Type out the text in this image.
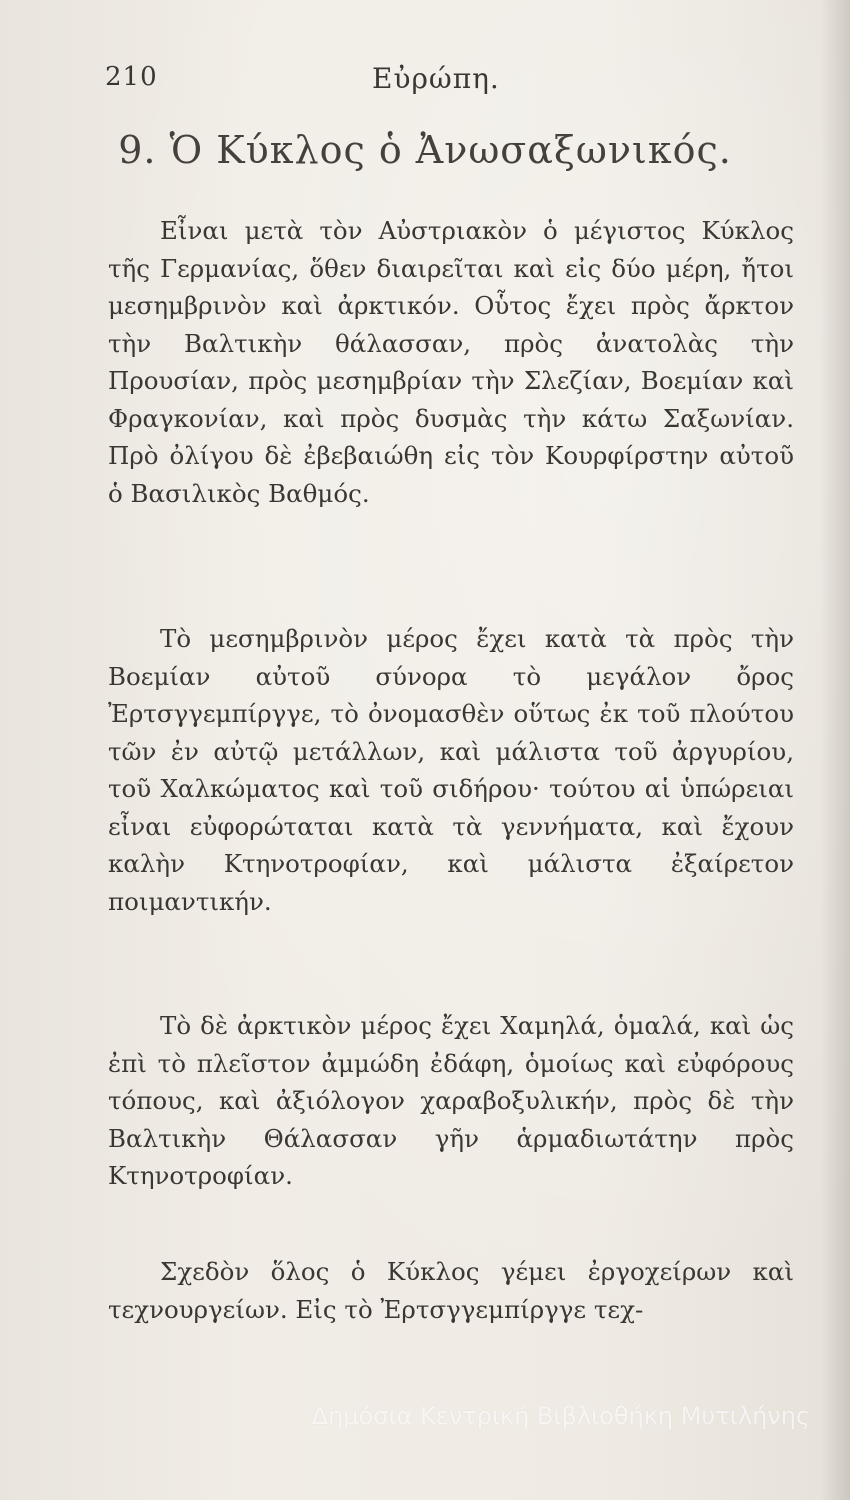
210	Εὐρώπη.
9. Ὁ Κύκλος ὁ Ἀνωσαξωνικός.

Εἶναι μετὰ τὸν Αὐστριακὸν ὁ μέγιστος Κύκλος τῆς Γερμανίας, ὅθεν διαιρεῖται καὶ εἰς δύο μέρη, ἤτοι μεσημβρινὸν καὶ ἀρκτικόν. Οὗτος ἔχει πρὸς ἄρκτον τὴν Βαλτικὴν θάλασσαν, πρὸς ἀνατολὰς τὴν Προυσίαν, πρὸς μεσημβρίαν τὴν Σλεζίαν, Βοεμίαν καὶ Φραγκονίαν, καὶ πρὸς δυσμὰς τὴν κάτω Σαξωνίαν. Πρὸ ὀλίγου δὲ ἐβεβαιώθη εἰς τὸν Κουρφίρστην αὐτοῦ ὁ Βασιλικὸς Βαθμός.

Τὸ μεσημβρινὸν μέρος ἔχει κατὰ τὰ πρὸς τὴν Βοεμίαν αὐτοῦ σύνορα τὸ μεγάλον ὄρος Ἐρτσγγεμπίργγε, τὸ ὀνομασθὲν οὕτως ἐκ τοῦ πλούτου τῶν ἐν αὐτῷ μετάλλων, καὶ μάλιστα τοῦ ἀργυρίου, τοῦ Χαλκώματος καὶ τοῦ σιδήρου· τούτου αἱ ὑπώρειαι εἶναι εὐφορώταται κατὰ τὰ γεννήματα, καὶ ἔχουν καλὴν Κτηνοτροφίαν, καὶ μάλιστα ἐξαίρετον ποιμαντικήν.

Τὸ δὲ ἀρκτικὸν μέρος ἔχει Χαμηλά, ὁμαλά, καὶ ὡς ἐπὶ τὸ πλεῖστον ἀμμώδη ἐδάφη, ὁμοίως καὶ εὐφόρους τόπους, καὶ ἀξιόλογον χαραβοξυλικήν, πρὸς δὲ τὴν Βαλτικὴν Θάλασσαν γῆν ἁρμαδιωτάτην πρὸς Κτηνοτροφίαν.

Σχεδὸν ὅλος ὁ Κύκλος γέμει ἐργοχείρων καὶ τεχνουργείων. Εἰς τὸ Ἐρτσγγεμπίργγε τεχ-

Δημόσια Κεντρική Βιβλιοθήκη Μυτιλήνης
